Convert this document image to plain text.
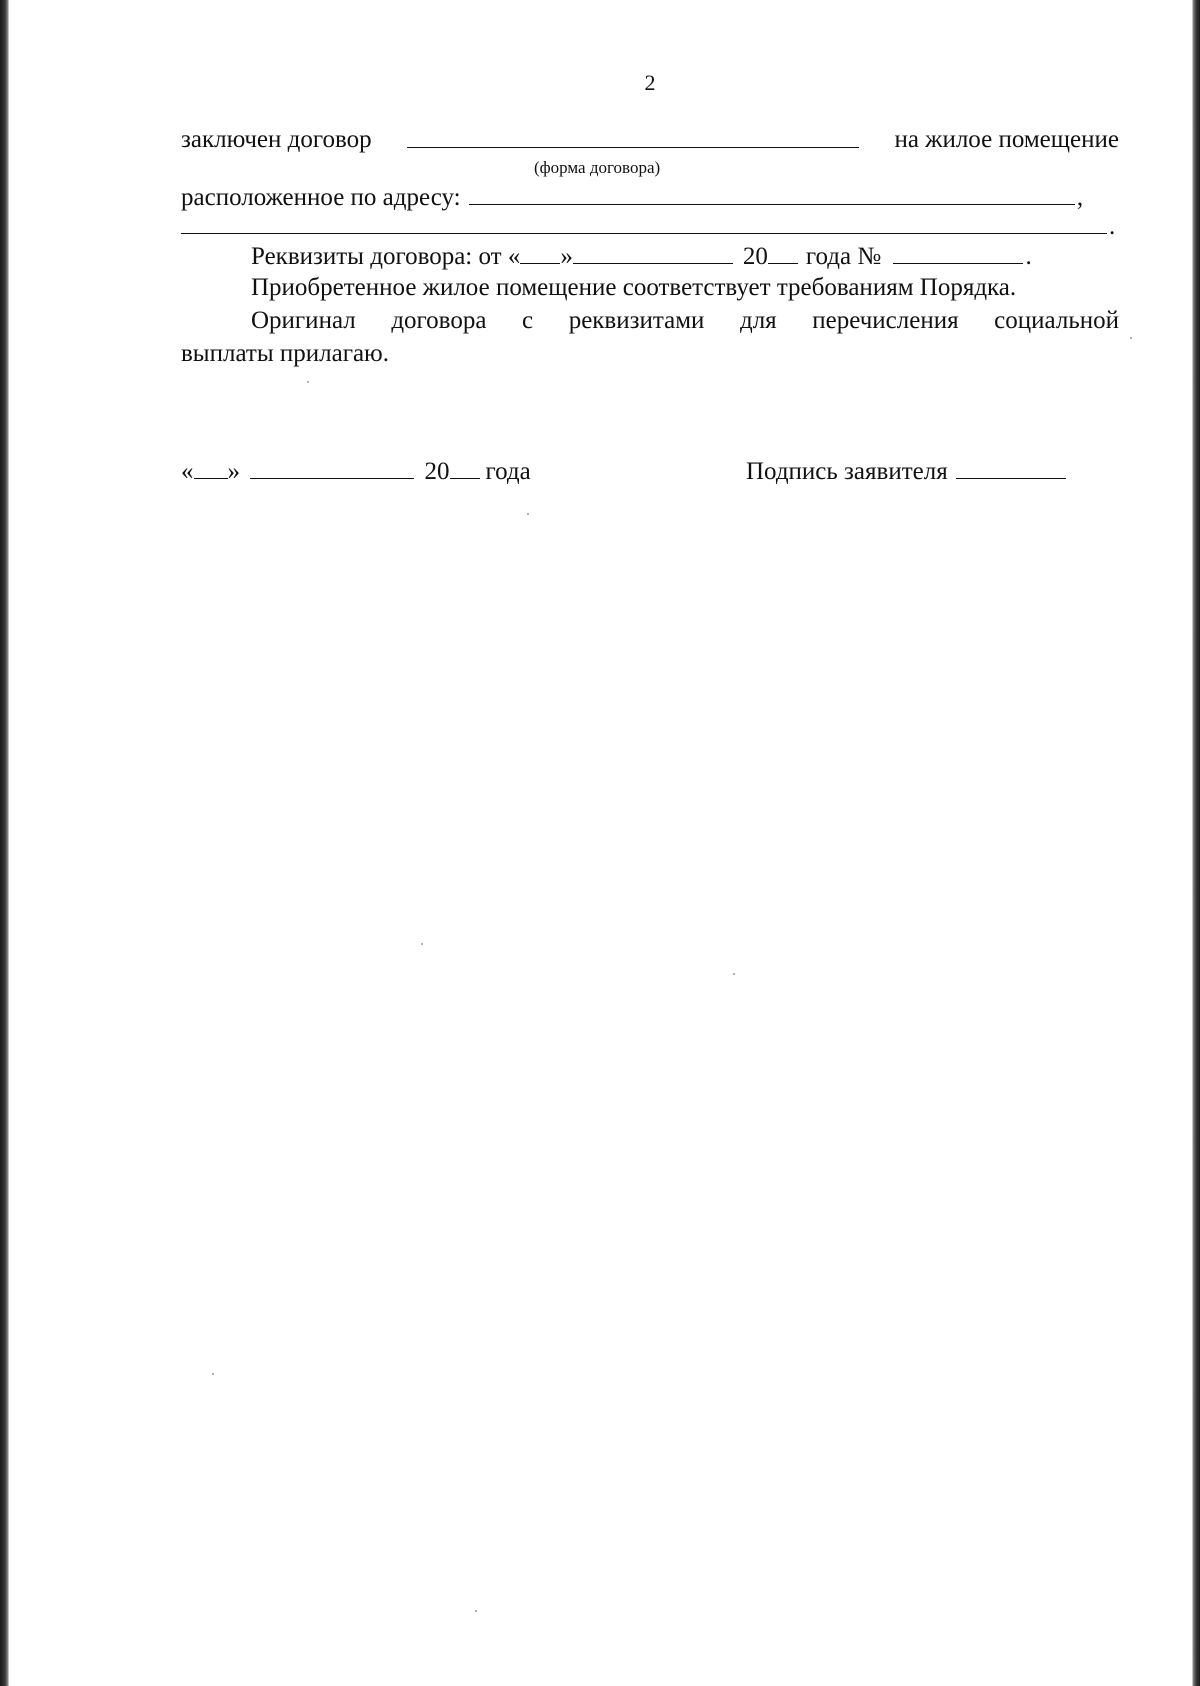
2
заключен договор	на жилое помещение
(форма договора)
расположенное по адресу:	,
.
Реквизиты договора: от « »	20 года №	.
Приобретенное жилое помещение соответствует требованиям Порядка.
Оригинал договора с реквизитами для перечисления социальной
выплаты прилагаю.
« »	20 года	Подпись заявителя
